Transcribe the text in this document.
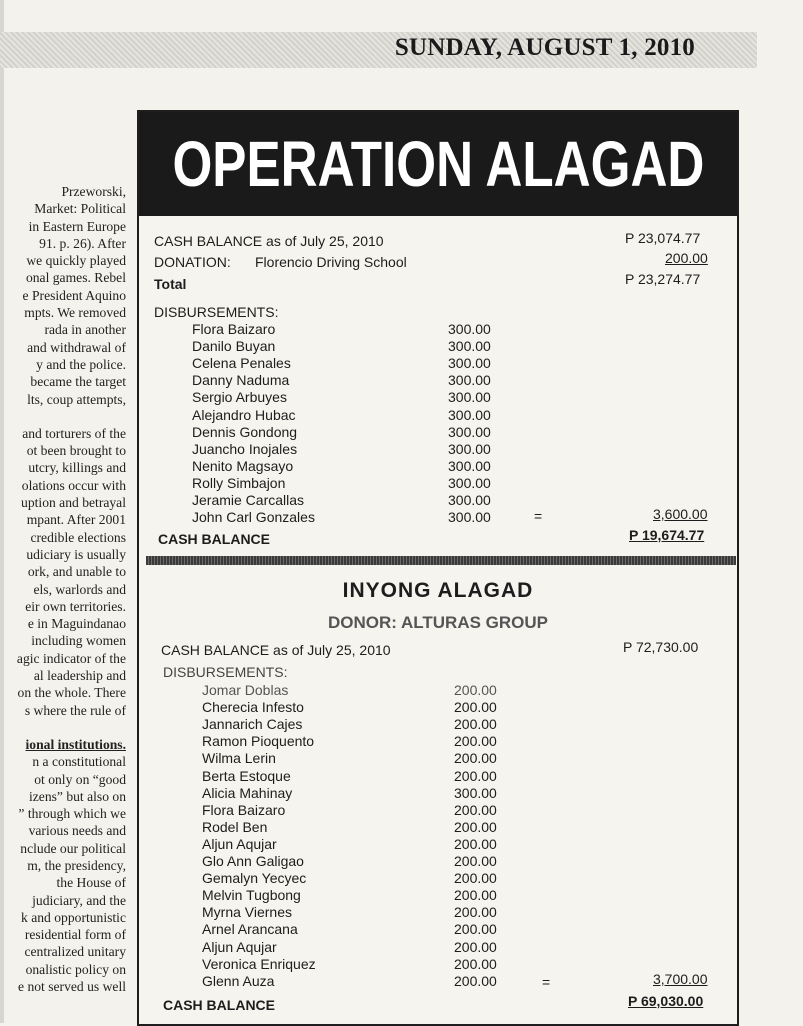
SUNDAY, AUGUST 1, 2010
Przeworski,
Market: Political
in Eastern Europe
91. p. 26). After
we quickly played
onal games. Rebel
e President Aquino
mpts. We removed
rada in another
and withdrawal of
y and the police.
became the target
lts, coup attempts,
and torturers of the
ot been brought to
utcry, killings and
olations occur with
uption and betrayal
mpant. After 2001
credible elections
udiciary is usually
ork, and unable to
els, warlords and
eir own territories.
e in Maguindanao
including women
agic indicator of the
al leadership and
on the whole. There
s where the rule of
ional institutions.
n a constitutional
ot only on “good
izens” but also on
” through which we
various needs and
nclude our political
m, the presidency,
the House of
judiciary, and the
k and opportunistic
residential form of
centralized unitary
onalistic policy on
e not served us well
OPERATION ALAGAD
CASH BALANCE as of July 25, 2010	P 23,074.77
DONATION: Florencio Driving School	200.00
Total	P 23,274.77
DISBURSEMENTS:
Flora Baizaro	300.00
Danilo Buyan	300.00
Celena Penales	300.00
Danny Naduma	300.00
Sergio Arbuyes	300.00
Alejandro Hubac	300.00
Dennis Gondong	300.00
Juancho Inojales	300.00
Nenito Magsayo	300.00
Rolly Simbajon	300.00
Jeramie Carcallas	300.00
John Carl Gonzales	300.00	=	3,600.00
CASH BALANCE	P 19,674.77
INYONG ALAGAD
DONOR: ALTURAS GROUP
CASH BALANCE as of July 25, 2010	P 72,730.00
DISBURSEMENTS:
Jomar Doblas	200.00
Cherecia Infesto	200.00
Jannarich Cajes	200.00
Ramon Pioquento	200.00
Wilma Lerin	200.00
Berta Estoque	200.00
Alicia Mahinay	300.00
Flora Baizaro	200.00
Rodel Ben	200.00
Aljun Aqujar	200.00
Glo Ann Galigao	200.00
Gemalyn Yecyec	200.00
Melvin Tugbong	200.00
Myrna Viernes	200.00
Arnel Arancana	200.00
Aljun Aqujar	200.00
Veronica Enriquez	200.00
Glenn Auza	200.00	=	3,700.00
CASH BALANCE	P 69,030.00
